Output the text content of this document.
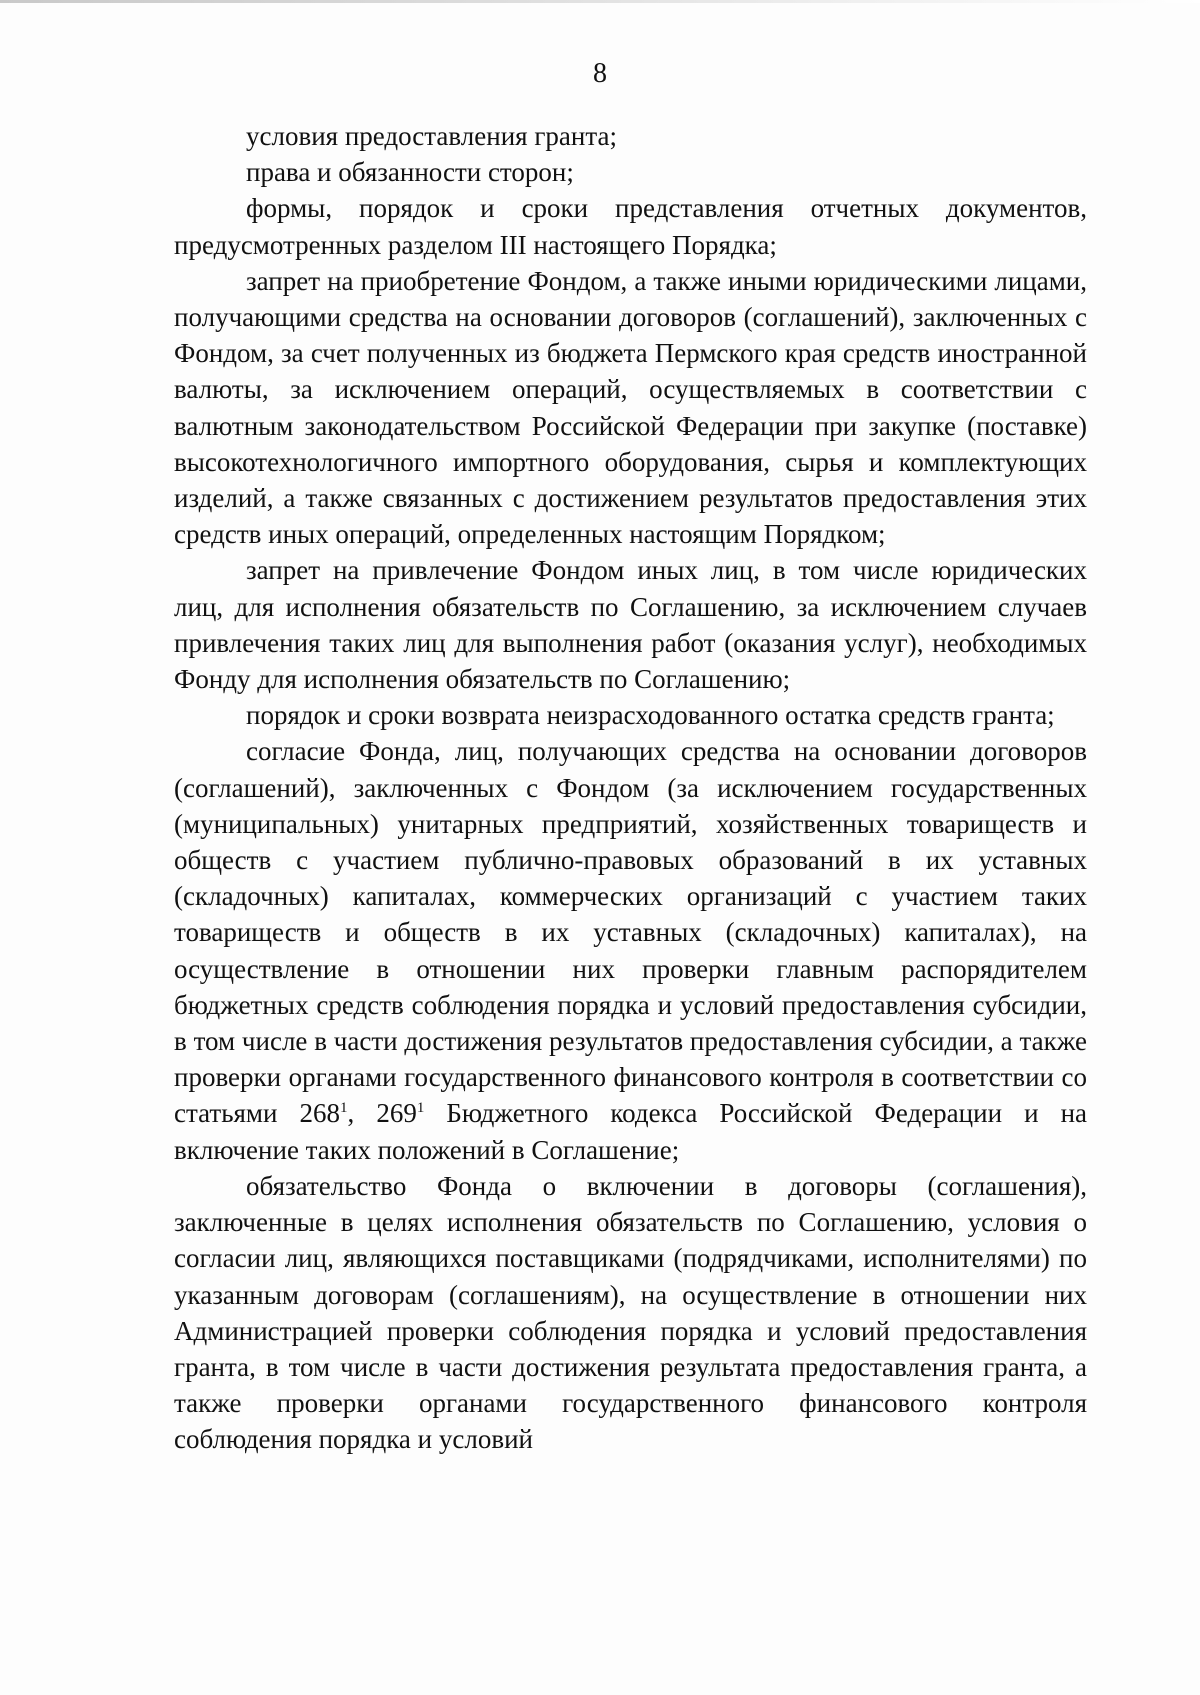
8

условия предоставления гранта;

права и обязанности сторон;

формы, порядок и сроки представления отчетных документов, предусмотренных разделом III настоящего Порядка;

запрет на приобретение Фондом, а также иными юридическими лицами, получающими средства на основании договоров (соглашений), заключенных с Фондом, за счет полученных из бюджета Пермского края средств иностранной валюты, за исключением операций, осуществляемых в соответствии с валютным законодательством Российской Федерации при закупке (поставке) высокотехнологичного импортного оборудования, сырья и комплектующих изделий, а также связанных с достижением результатов предоставления этих средств иных операций, определенных настоящим Порядком;

запрет на привлечение Фондом иных лиц, в том числе юридических лиц, для исполнения обязательств по Соглашению, за исключением случаев привлечения таких лиц для выполнения работ (оказания услуг), необходимых Фонду для исполнения обязательств по Соглашению;

порядок и сроки возврата неизрасходованного остатка средств гранта;

согласие Фонда, лиц, получающих средства на основании договоров (соглашений), заключенных с Фондом (за исключением государственных (муниципальных) унитарных предприятий, хозяйственных товариществ и обществ с участием публично-правовых образований в их уставных (складочных) капиталах, коммерческих организаций с участием таких товариществ и обществ в их уставных (складочных) капиталах), на осуществление в отношении них проверки главным распорядителем бюджетных средств соблюдения порядка и условий предоставления субсидии, в том числе в части достижения результатов предоставления субсидии, а также проверки органами государственного финансового контроля в соответствии со статьями $268^1$, $269^1$ Бюджетного кодекса Российской Федерации и на включение таких положений в Соглашение;

обязательство Фонда о включении в договоры (соглашения), заключенные в целях исполнения обязательств по Соглашению, условия о согласии лиц, являющихся поставщиками (подрядчиками, исполнителями) по указанным договорам (соглашениям), на осуществление в отношении них Администрацией проверки соблюдения порядка и условий предоставления гранта, в том числе в части достижения результата предоставления гранта, а также проверки органами государственного финансового контроля соблюдения порядка и условий
